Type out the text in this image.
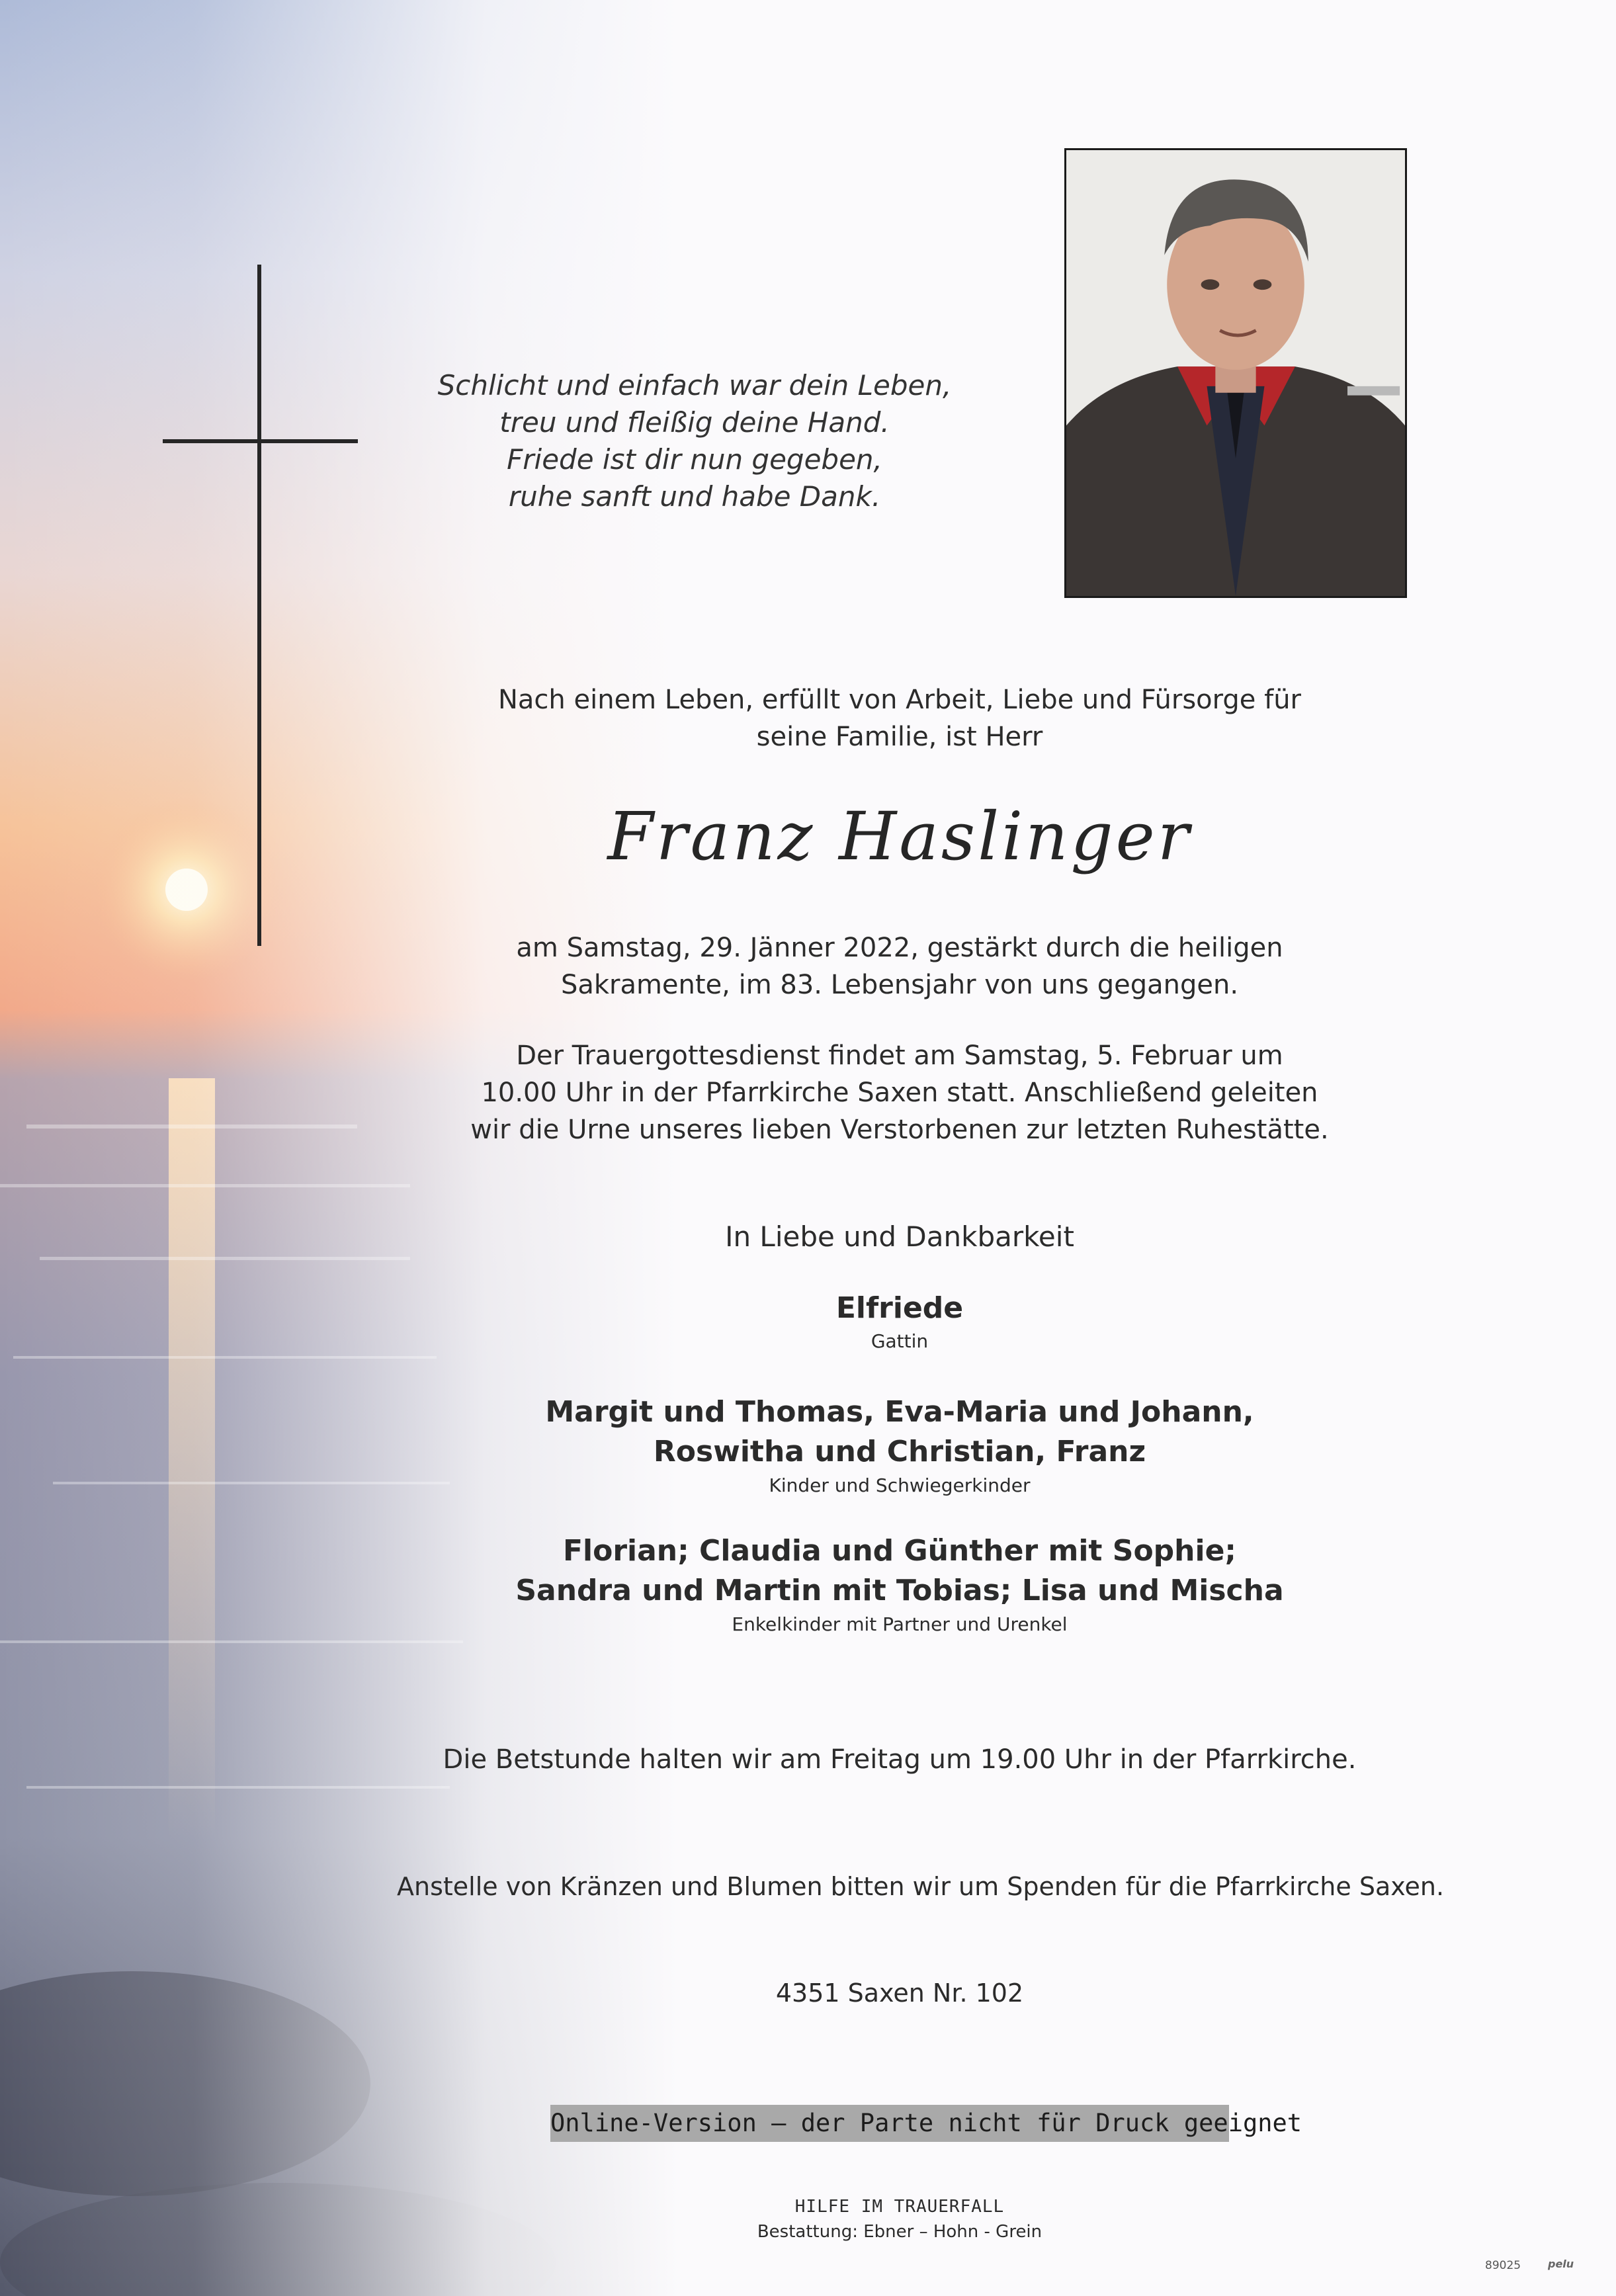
Schlicht und einfach war dein Leben,
treu und fleißig deine Hand.
Friede ist dir nun gegeben,
ruhe sanft und habe Dank.
Nach einem Leben, erfüllt von Arbeit, Liebe und Fürsorge für
seine Familie, ist Herr
Franz Haslinger
am Samstag, 29. Jänner 2022, gestärkt durch die heiligen
Sakramente, im 83. Lebensjahr von uns gegangen.
Der Trauergottesdienst findet am Samstag, 5. Februar um
10.00 Uhr in der Pfarrkirche Saxen statt. Anschließend geleiten
wir die Urne unseres lieben Verstorbenen zur letzten Ruhestätte.
In Liebe und Dankbarkeit
Elfriede
Gattin
Margit und Thomas, Eva-Maria und Johann,
Roswitha und Christian, Franz
Kinder und Schwiegerkinder
Florian; Claudia und Günther mit Sophie;
Sandra und Martin mit Tobias; Lisa und Mischa
Enkelkinder mit Partner und Urenkel
Die Betstunde halten wir am Freitag um 19.00 Uhr in der Pfarrkirche.
Anstelle von Kränzen und Blumen bitten wir um Spenden für die Pfarrkirche Saxen.
4351 Saxen Nr. 102
Online-Version – der Parte nicht für Druck geeignet
HILFE IM TRAUERFALL
Bestattung: Ebner – Hohn - Grein
89025	pelu
